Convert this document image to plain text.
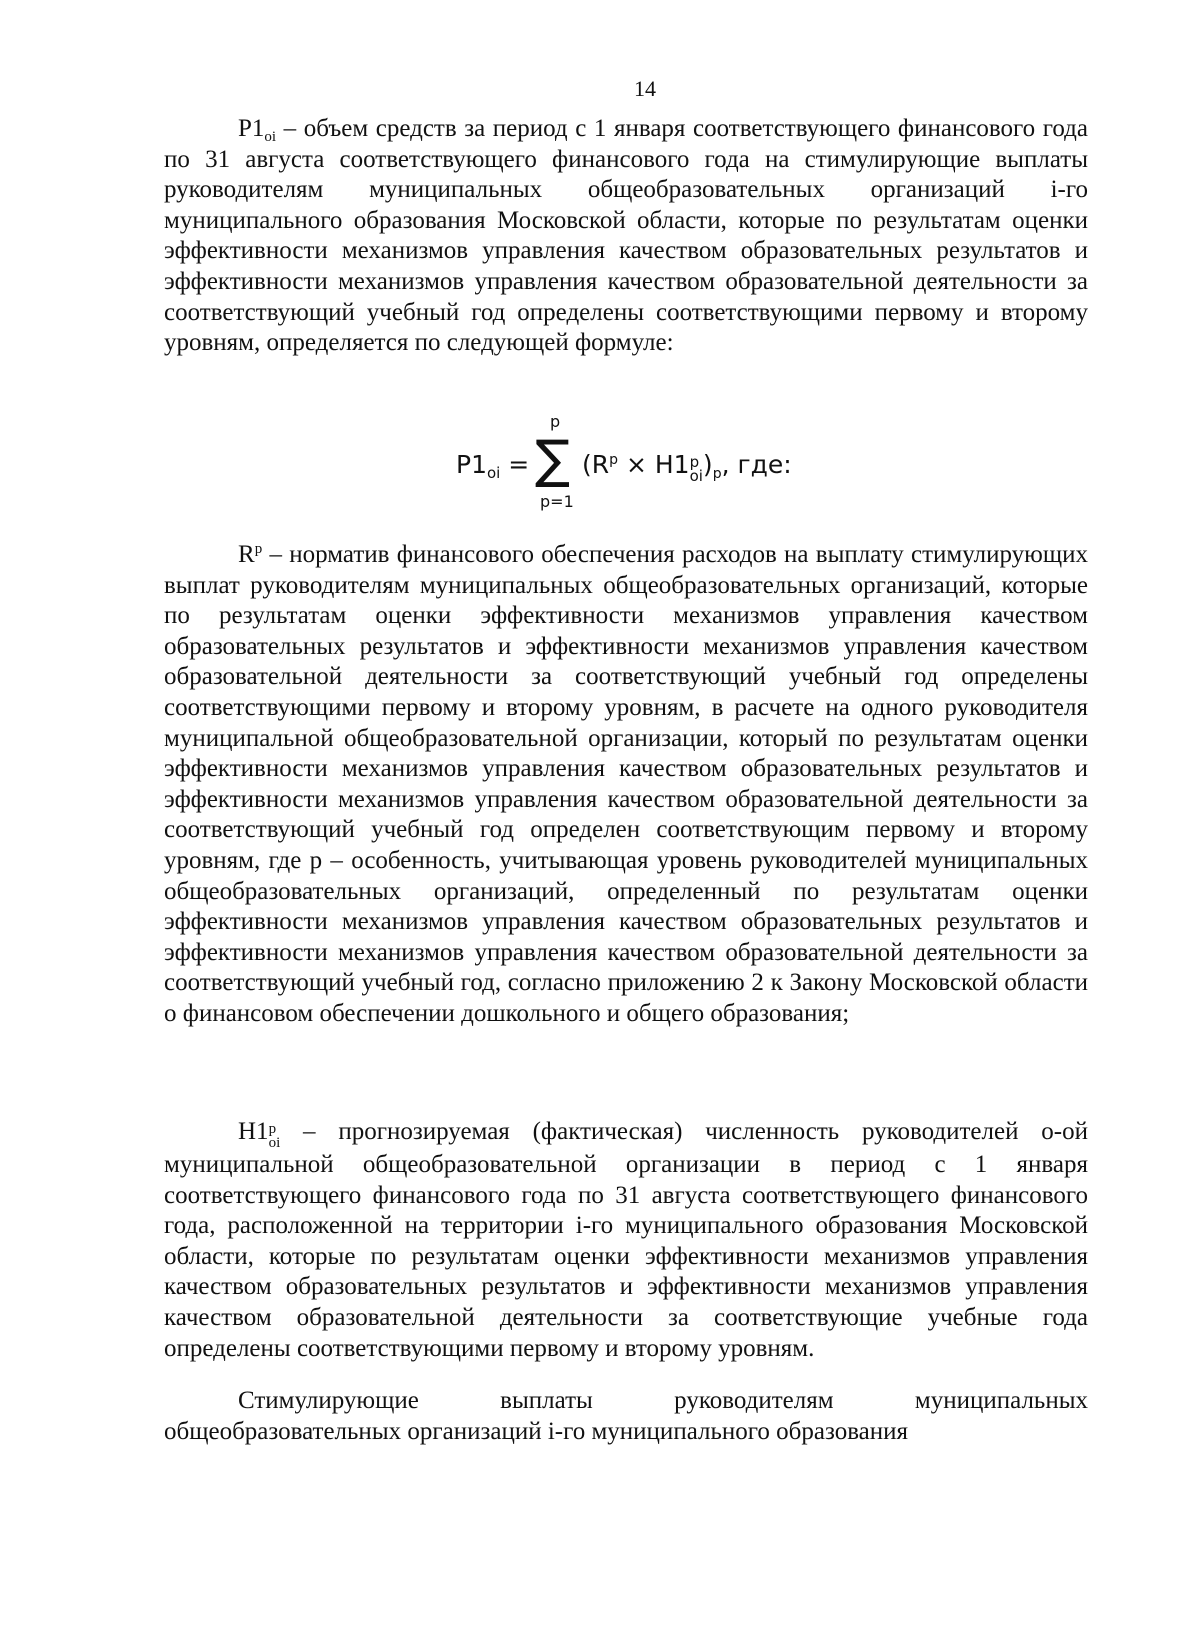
14

$P1_{oi}$ – объем средств за период с 1 января соответствующего финансового года по 31 августа соответствующего финансового года на стимулирующие выплаты руководителям муниципальных общеобразовательных организаций i-го муниципального образования Московской области, которые по результатам оценки эффективности механизмов управления качеством образовательных результатов и эффективности механизмов управления качеством образовательной деятельности за соответствующий учебный год определены соответствующими первому и второму уровням, определяется по следующей формуле:

$P1_{oi}$ =
p
∑
p=1
($R^p \times H1$ p
oi )$_p$, где:

$R^p$ – норматив финансового обеспечения расходов на выплату стимулирующих выплат руководителям муниципальных общеобразовательных организаций, которые по результатам оценки эффективности механизмов управления качеством образовательных результатов и эффективности механизмов управления качеством образовательной деятельности за соответствующий учебный год определены соответствующими первому и второму уровням, в расчете на одного руководителя муниципальной общеобразовательной организации, который по результатам оценки эффективности механизмов управления качеством образовательных результатов и эффективности механизмов управления качеством образовательной деятельности за соответствующий учебный год определен соответствующим первому и второму уровням, где p – особенность, учитывающая уровень руководителей муниципальных общеобразовательных организаций, определенный по результатам оценки эффективности механизмов управления качеством образовательных результатов и эффективности механизмов управления качеством образовательной деятельности за соответствующий учебный год, согласно приложению 2 к Закону Московской области о финансовом обеспечении дошкольного и общего образования;

H1 p
oi – прогнозируемая (фактическая) численность руководителей o-ой муниципальной общеобразовательной организации в период с 1 января соответствующего финансового года по 31 августа соответствующего финансового года, расположенной на территории i-го муниципального образования Московской области, которые по результатам оценки эффективности механизмов управления качеством образовательных результатов и эффективности механизмов управления качеством образовательной деятельности за соответствующие учебные года определены соответствующими первому и второму уровням.

Стимулирующие выплаты руководителям муниципальных общеобразовательных организаций i-го муниципального образования
